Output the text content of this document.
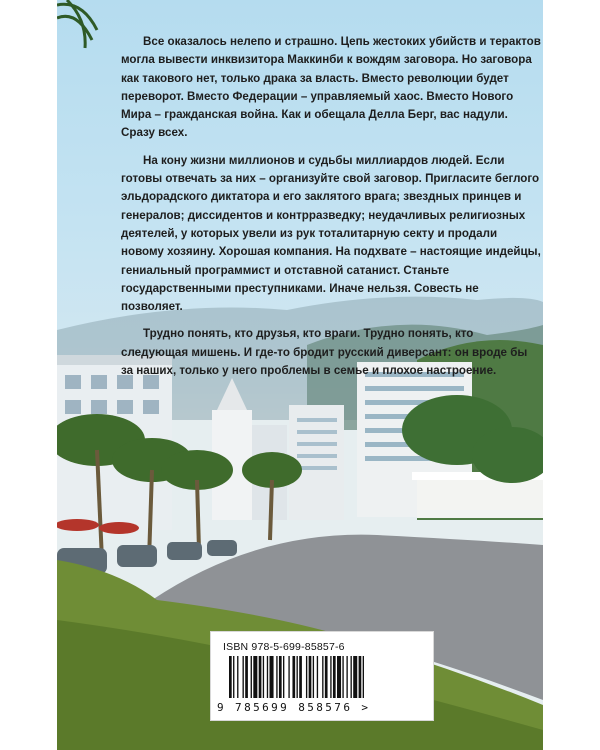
Все оказалось нелепо и страшно. Цепь жестоких убийств и терактов могла вывести инквизитора Маккинби к вождям заговора. Но заговора как такового нет, только драка за власть. Вместо революции будет переворот. Вместо Федерации – управляемый хаос. Вместо Нового Мира – гражданская война. Как и обещала Делла Берг, вас надули. Сразу всех.

На кону жизни миллионов и судьбы миллиардов людей. Если готовы отвечать за них – организуйте свой заговор. Пригласите беглого эльдорадского диктатора и его заклятого врага; звездных принцев и генералов; диссидентов и контрразведку; неудачливых религиозных деятелей, у которых увели из рук тоталитарную секту и продали новому хозяину. Хорошая компания. На подхвате – настоящие индейцы, гениальный программист и отставной сатанист. Станьте государственными преступниками. Иначе нельзя. Совесть не позволяет.

Трудно понять, кто друзья, кто враги. Трудно понять, кто следующая мишень. И где-то бродит русский диверсант: он вроде бы за наших, только у него проблемы в семье и плохое настроение.

ISBN 978-5-699-85857-6
9 785699 858576 >
